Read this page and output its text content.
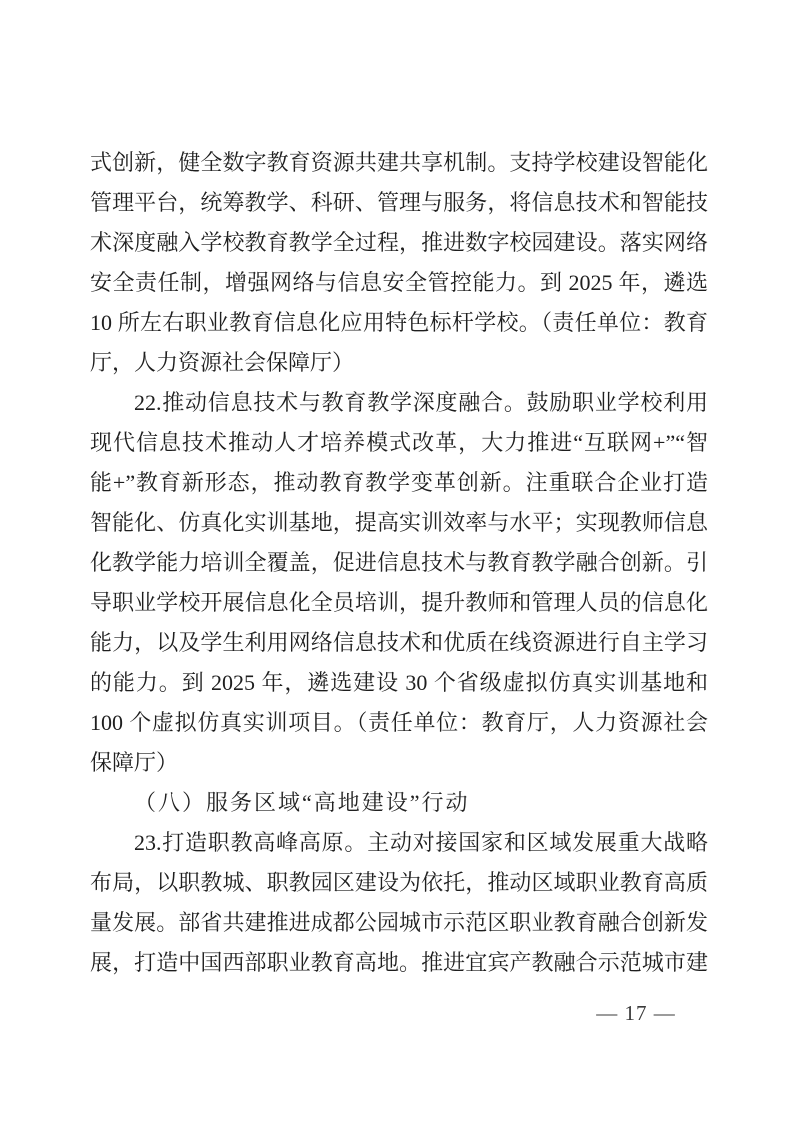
式创新，健全数字教育资源共建共享机制。支持学校建设智能化
管理平台，统筹教学、科研、管理与服务，将信息技术和智能技
术深度融入学校教育教学全过程，推进数字校园建设。落实网络
安全责任制，增强网络与信息安全管控能力。到 2025 年，遴选
10 所左右职业教育信息化应用特色标杆学校。（责任单位：教育
厅，人力资源社会保障厅）
22.推动信息技术与教育教学深度融合。鼓励职业学校利用
现代信息技术推动人才培养模式改革，大力推进“互联网+”“智
能+”教育新形态，推动教育教学变革创新。注重联合企业打造
智能化、仿真化实训基地，提高实训效率与水平；实现教师信息
化教学能力培训全覆盖，促进信息技术与教育教学融合创新。引
导职业学校开展信息化全员培训，提升教师和管理人员的信息化
能力，以及学生利用网络信息技术和优质在线资源进行自主学习
的能力。到 2025 年，遴选建设 30 个省级虚拟仿真实训基地和
100 个虚拟仿真实训项目。（责任单位：教育厅，人力资源社会
保障厅）
（八）服务区域“高地建设”行动
23.打造职教高峰高原。主动对接国家和区域发展重大战略
布局，以职教城、职教园区建设为依托，推动区域职业教育高质
量发展。部省共建推进成都公园城市示范区职业教育融合创新发
展，打造中国西部职业教育高地。推进宜宾产教融合示范城市建
— 17 —
